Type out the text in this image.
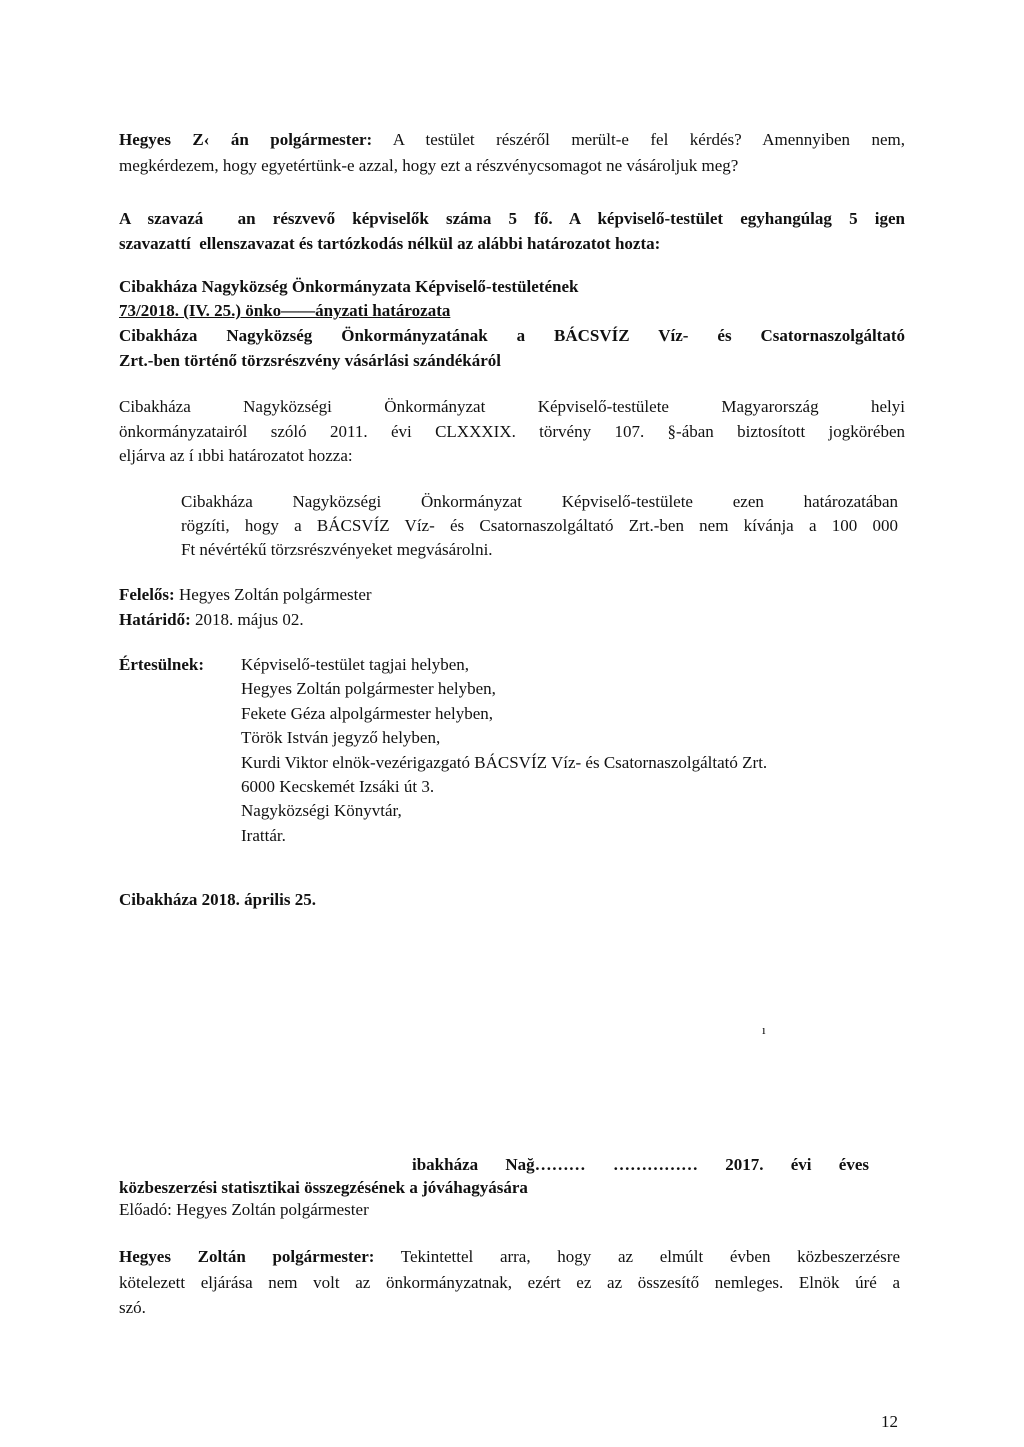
Hegyes Z‹ án polgármester: A testület részéről merült-e fel kérdés? Amennyiben nem,
megkérdezem, hogy egyetértünk-e azzal, hogy ezt a részvénycsomagot ne vásároljuk meg?
A szavazá  an részvevő képviselők száma 5 fő. A képviselő-testület egyhangúlag 5 igen
szavazattí  ellenszavazat és tartózkodás nélkül az alábbi határozatot hozta:
Cibakháza Nagyközség Önkormányzata Képviselő-testületének
73/2018. (IV. 25.) önko——ányzati határozata
Cibakháza Nagyközség Önkormányzatának a BÁCSVÍZ Víz- és Csatornaszolgáltató
Zrt.-ben történő törzsrészvény vásárlási szándékáról
Cibakháza Nagyközségi Önkormányzat Képviselő-testülete Magyarország helyi
önkormányzatairól szóló 2011. évi CLXXXIX. törvény 107. §-ában biztosított jogkörében
eljárva az í ıbbi határozatot hozza:
Cibakháza Nagyközségi Önkormányzat Képviselő-testülete ezen határozatában
rögzíti, hogy a BÁCSVÍZ Víz- és Csatornaszolgáltató Zrt.-ben nem kívánja a 100 000
Ft névértékű törzsrészvényeket megvásárolni.
Felelős: Hegyes Zoltán polgármester
Határidő: 2018. május 02.
Értesülnek: Képviselő-testület tagjai helyben,
Hegyes Zoltán polgármester helyben,
Fekete Géza alpolgármester helyben,
Török István jegyző helyben,
Kurdi Viktor elnök-vezérigazgató BÁCSVÍZ Víz- és Csatornaszolgáltató Zrt.
6000 Kecskemét Izsáki út 3.
Nagyközségi Könyvtár,
Irattár.
Cibakháza 2018. április 25.
ı
ibakháza Nağ……… …………… 2017. évi éves
közbeszerzési statisztikai összegzésének a jóváhagyására
Előadó: Hegyes Zoltán polgármester
Hegyes Zoltán polgármester: Tekintettel arra, hogy az elmúlt évben közbeszerzésre
kötelezett eljárása nem volt az önkormányzatnak, ezért ez az összesítő nemleges. Elnök úré a
szó.
12
